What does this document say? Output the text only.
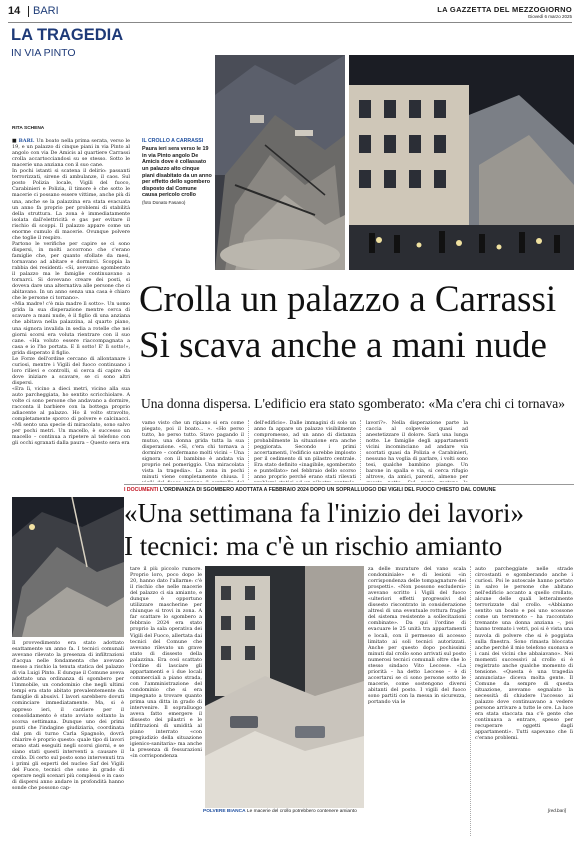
14 BARI	LA GAZZETTA DEL MEZZOGIORNO
Giovedì 6 marzo 2025
LA TRAGEDIA
IN VIA PINTO

RITA SCHENA

■ BARI. Un boato nella prima serata, verso le 19, e un palazzo di cinque piani in via Pinto al angolo con via De Amicis al quartiere Carrassi crolla accartocciandosi su se stesso. Sotto le macerie una anziana con il suo cane.

In pochi istanti si scatena il delirio: passanti terrorizzati, sirene di ambulanze, il caos. Sul posto Polizia locale, Vigili del fuoco, Carabinieri e Polizia, il timore è che sotto le macerie ci possano essere vittime, anche più di una, anche se la palazzina era stata evacuata un anno fa proprio per problemi di stabilità della struttura. La zona è immediatamente isolata dall'elettricità e gas per evitare il rischio di scoppi. Il palazzo appare come un enorme cumulo di macerie. Ovunque polvere che toglie il respiro.

Partono le verifiche per capire se ci sono dispersi, in molti accorrono che c'erano famiglie che, per quanto sfollate da mesi, tornavano ad abitare e dormirci. Scoppia la rabbia dei residenti: «Si, avevamo sgomberato il palazzo ma le famiglie continuavano a tornarci. Si dovevano creare dei posti, si doveva dare una alternativa alle persone che ci abitavano. In un anno senza una casa è chiaro che le persone ci tornano».

«Mia madre! c'è mia madre lì sotto». Un uomo grida la sua disperazione mentre cerca di scavare a mani nude, è il figlio di una anziana che abitava nella palazzina, al quarto piano, una signora invalida in sedia a rotelle che nei giorni scorsi era voluta rientrare con il suo cane. «Ha voluto essere riaccompagnata a casa e io l'ho portata. E lì sotto! E' lì sotto!», grida disperato il figlio.

Le Forze dell'ordine cercano di allontanare i curiosi, mentre i Vigili del fuoco continuano i loro rilievi e controlli, si cerca di capire da dove iniziare a scavare, se ci sono altri dispersi.

«Era lì, vicino a dieci metri, vicino alla sua auto parcheggiata, ho sentito scricchiolare. A volte ci sono persone che andavano a dormire, racconta il barbiere con la bottega proprio adiacente al palazzo. Ho il volto stravolto, completamente sporco di polvere e calcinacci. «Mi sento una specie di miracolato, sono salvo per pochi metri. Un macello, è successo un macello – continua a ripetere al telefono con gli occhi sgranati dalla paura – Questo sera era

IL CROLLO A CARRASSI
Paura ieri sera verso le 19 in via Pinto angolo De Amicis dove è collassato un palazzo alto cinque piani disabitato da un anno per effetto dello sgombero disposto dal Comune causa pericolo crollo
(foto Donato Fasano)
Crolla un palazzo a Carrassi
Si scava anche a mani nude
Una donna dispersa. L'edificio era stato sgomberato: «Ma c'era chi ci tornava»
vamo visto che un ripiano si era come piegato, poi il boato... ». «Ho perso tutto, ho perso tutto. Stavo pagando il mutuo, una donna grida tutta la sua disperazione. «Si, c'era chi tornava a dormire – confermano molti vicini – Una signora con il bambino è andata via proprio nel pomeriggio. Una miracolata vista la tragedia». La zona in pochi minuti viene completamente chiusa. I
dell'edificio». Dalle immagini di solo un anno fa appare un palazzo visibilmente compromesso, ad un anno di distanza probabilmente la situazione era anche peggiorata. Secondo i primi accertamenti, l'edificio sarebbe implosto per il cedimento di un pilastro centrale. Era stato definito «inagibile, sgomberato e puntellato» nel febbraio dello scorso anno proprio perché erano stati rilevati
lavori?». Nella disperazione parte la caccia al colpevole quasi ad anestetizzare il dolore. Sarà una lunga notte. Le famiglie degli appartamenti vicini incominciano ad andare via scortati quasi da Polizia e Carabinieri, nessuno ha voglia di parlare, i volti sono tesi, qualche bambino piange. Un barone in spalla e via, si cerca rifugio altrove, da amici, parenti, almeno per
I DOCUMENTI L'ORDINANZA DI SGOMBERO ADOTTATA A FEBBRAIO 2024 DOPO UN SOPRALLUOGO DEI VIGILI DEL FUOCO CHIESTO DAL COMUNE
«Una settimana fa l'inizio dei lavori»
I tecnici: ma c'è un rischio amianto

Il provvedimento era stato adottato esattamente un anno fa. I tecnici comunali avevano rilevato la presenza di infiltrazioni d'acqua nelle fondamenta che avevano messo a rischio la tenuta statica del palazzo di via Luigi Pinto. E dunque il Comune aveva adottato una ordinanza di sgombero per l'immobile, un condominio che negli ultimi tempi era stato abitato prevalentemente da famiglie di abusivi. I lavori sarebbero dovuti cominciare immediatamente. Ma, si è appreso ieri, il cantiere per il consolidamento è stato avviato soltanto la scorsa settimana. Dunque uno dei primi punti che l'indagine giudiziaria, coordinata dal pm di turno Carla Spagnolo, dovrà chiarire è proprio questo: quale tipo di lavori erano stati eseguiti negli scorsi giorni, e se siano stati questi interventi a causare il crollo. Di certo sul posto sono intervenuti tra i primi gli esperti del nucleo Saf dei Vigili del Fuoco, tecnici che sono in grado di operare negli scenari più complessi e in caso di dispersi anno andare in profondità hanno sonde che possono cap-

tare il più piccolo rumore. Proprio loro, poco dopo le 20, hanno dato l'allarme: c'è il rischio che nelle macerie del palazzo ci sia amianto, e dunque è opportuno utilizzare mascherine per chiunque si trovi in zona. A far scattare lo sgombero a febbraio 2024 era stato proprio la sala operativa dei Vigili del Fuoco, allertata dai tecnici del Comune che avevano rilevato un grave stato di dissesto della palazzina. Era così scattato l'ordine di lasciare gli appartamenti e i due locali commerciali a piano strada, con l'amministrazione del condominio che si era impegnato a trovare quanto prima una ditta in grado di intervenire. Il sopralluogo aveva fatto emergere il dissesto dei pilastri e le infiltrazioni di umidità al piano interrato «con pregiudizio della situazione igienico-sanitaria» ma anche la presenza di fessurazioni «in corrispondenza
POLVERE BIANCA Le macerie del crollo potrebbero contenere amianto
za delle murature del vano scala condominiale» e di lesioni «in corrispondenza delle tompagnature dei prospetti». «Non possono escludersi» avevano scritto i Vigili del fuoco «ulteriori effetti progressivi del dissesto riscontrato in considerazione altresì di una eventuale rottura fragile del sistema resistente a sollecitazioni combinate». Da qui l'ordine di evacuare le 25 unità tra appartamenti e locali, con il permesso di accesso limitato ai soli tecnici autorizzati. Anche per questo dopo pochissimi minuti dal crollo sono arrivati sul posto numerosi tecnici comunali oltre che lo stesso sindaco Vito Leccese. «La priorità – ha detto Leccese – è di accertarsi se ci sono persone sotto le macerie, come sostengono diversi abitanti del posto. I vigili del fuoco sono partiti con la messa in sicurezza, portando via le
auto parcheggiate nelle strade circostanti e sgomberando anche i curiosi. Poi le autoscale hanno portato in salvo le persone che abitano nell'edificio accanto a quello crollato, alcune delle quali letteralmente terrorizzate dal crollo. «Abbiamo sentito un boato e poi uno scossone come un terremoto – ha raccontato tremante una donna anziana –, poi hanno tremato i vetri, poi si è vista una nuvola di polvere che si è poggiata sulla finestra. Sono rimasta bloccata anche perché il mio telefono suonava e i cani dei vicini che abbaiavano». Nei momenti successivi al crollo si è registrato anche qualche momento di tensione. «Questa è una tragedia annunciata» diceva molta gente. Il Comune da sempre di questa situazione, avevamo segnalato la necessità di chiudere l'accesso ai palazzo dove continuavano a vedere persone arrivare a tutte le ore. La luce era stata staccata ma c'è gente che continuava a entrare, spesso per recuperare oggetti dagli appartamenti». Tutti sapevano che lì c'erano problemi.
[red.bari]
